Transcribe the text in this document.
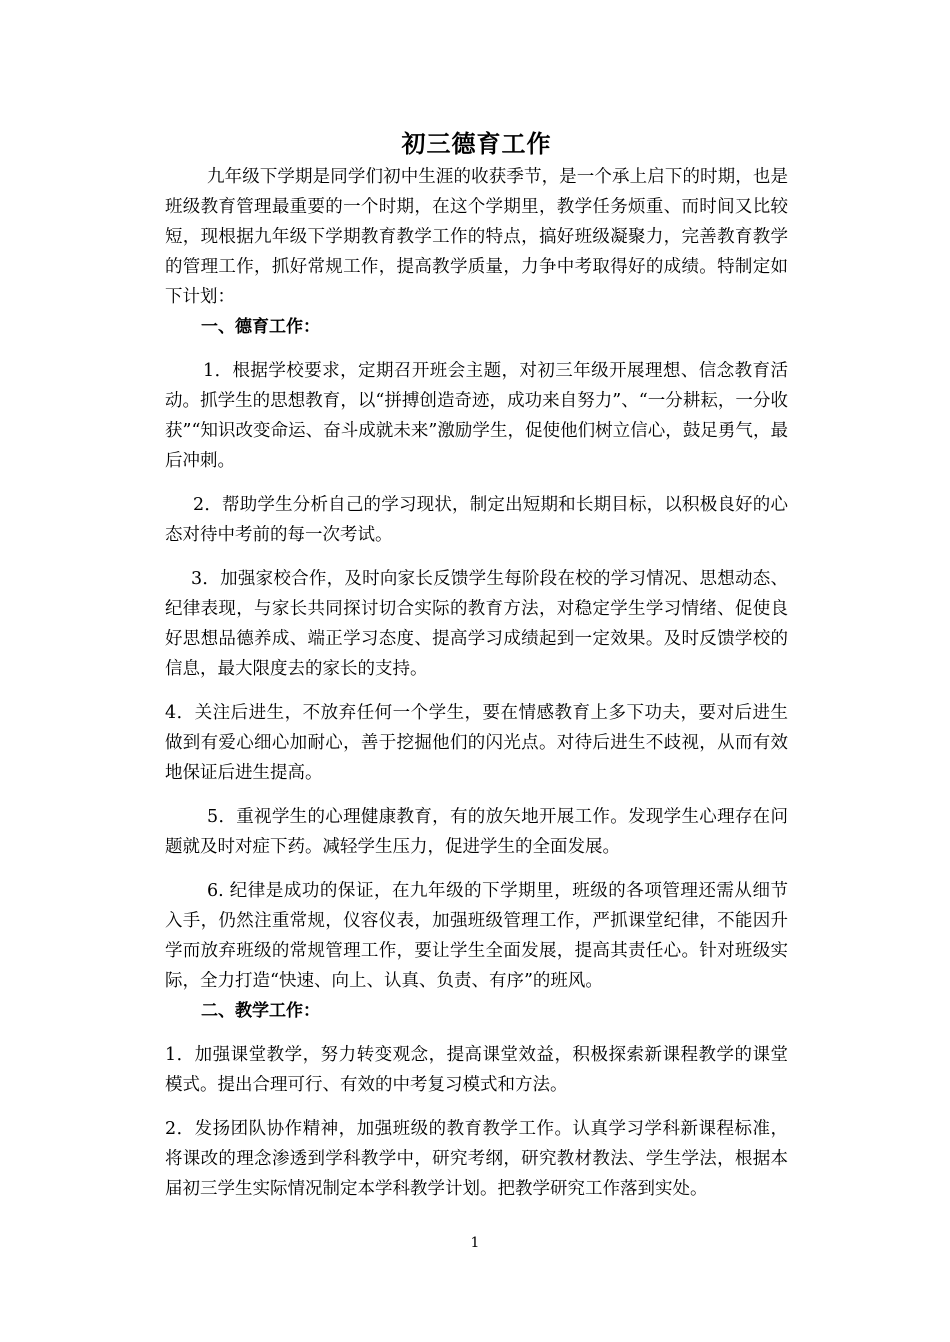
初三德育工作

九年级下学期是同学们初中生涯的收获季节，是一个承上启下的时期，也是班级教育管理最重要的一个时期，在这个学期里，教学任务烦重、而时间又比较短，现根据九年级下学期教育教学工作的特点，搞好班级凝聚力，完善教育教学的管理工作，抓好常规工作，提高教学质量，力争中考取得好的成绩。特制定如下计划：

一、德育工作：

1．根据学校要求，定期召开班会主题，对初三年级开展理想、信念教育活动。抓学生的思想教育，以“拼搏创造奇迹，成功来自努力”、“一分耕耘，一分收获”“知识改变命运、奋斗成就未来”激励学生，促使他们树立信心，鼓足勇气，最后冲刺。

2．帮助学生分析自己的学习现状，制定出短期和长期目标，以积极良好的心态对待中考前的每一次考试。

3．加强家校合作，及时向家长反馈学生每阶段在校的学习情况、思想动态、纪律表现，与家长共同探讨切合实际的教育方法，对稳定学生学习情绪、促使良好思想品德养成、端正学习态度、提高学习成绩起到一定效果。及时反馈学校的信息，最大限度去的家长的支持。

4．关注后进生，不放弃任何一个学生，要在情感教育上多下功夫，要对后进生做到有爱心细心加耐心，善于挖掘他们的闪光点。对待后进生不歧视，从而有效地保证后进生提高。

5．重视学生的心理健康教育，有的放矢地开展工作。发现学生心理存在问题就及时对症下药。减轻学生压力，促进学生的全面发展。

6. 纪律是成功的保证，在九年级的下学期里，班级的各项管理还需从细节入手，仍然注重常规，仪容仪表，加强班级管理工作，严抓课堂纪律，不能因升学而放弃班级的常规管理工作，要让学生全面发展，提高其责任心。针对班级实际，全力打造“快速、向上、认真、负责、有序”的班风。

二、教学工作：

1．加强课堂教学，努力转变观念，提高课堂效益，积极探索新课程教学的课堂模式。提出合理可行、有效的中考复习模式和方法。

2．发扬团队协作精神，加强班级的教育教学工作。认真学习学科新课程标准，将课改的理念渗透到学科教学中，研究考纲，研究教材教法、学生学法，根据本届初三学生实际情况制定本学科教学计划。把教学研究工作落到实处。

1
